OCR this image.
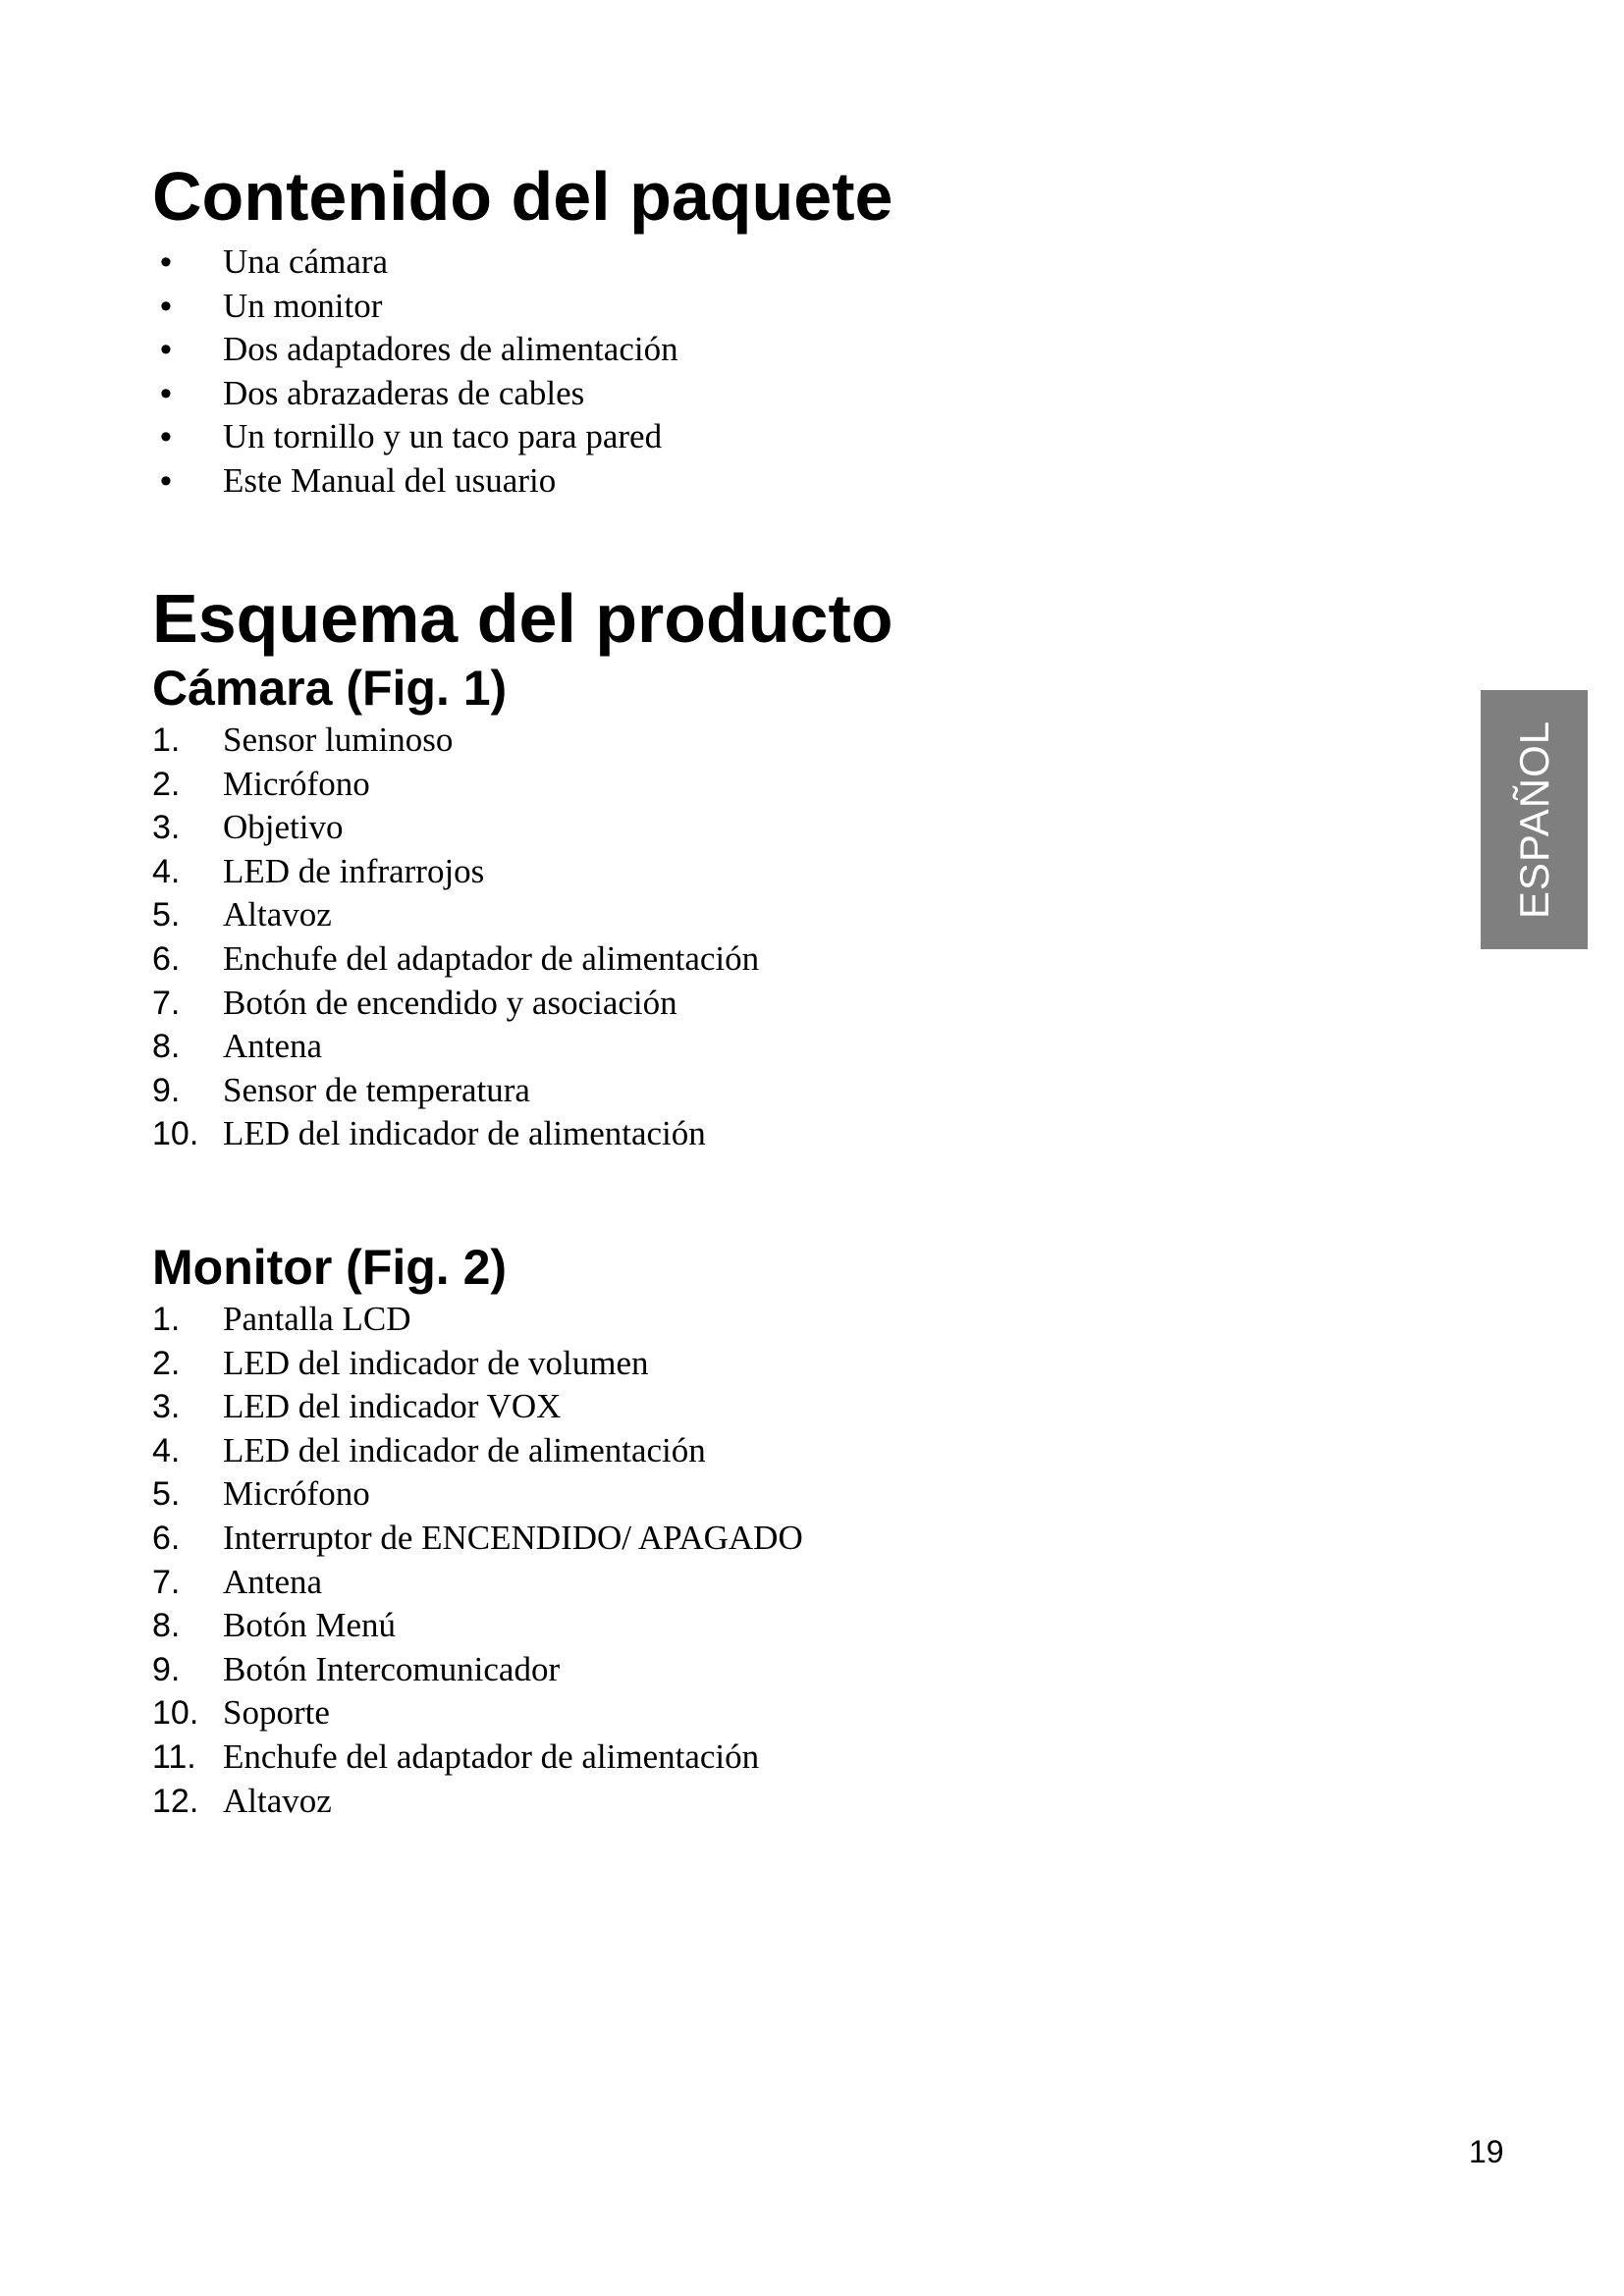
Contenido del paquete
• Una cámara
• Un monitor
• Dos adaptadores de alimentación
• Dos abrazaderas de cables
• Un tornillo y un taco para pared
• Este Manual del usuario
Esquema del producto
Cámara (Fig. 1)
1. Sensor luminoso
2. Micrófono
3. Objetivo
4. LED de infrarrojos
5. Altavoz
6. Enchufe del adaptador de alimentación
7. Botón de encendido y asociación
8. Antena
9. Sensor de temperatura
10. LED del indicador de alimentación
Monitor (Fig. 2)
1. Pantalla LCD
2. LED del indicador de volumen
3. LED del indicador VOX
4. LED del indicador de alimentación
5. Micrófono
6. Interruptor de ENCENDIDO/ APAGADO
7. Antena
8. Botón Menú
9. Botón Intercomunicador
10. Soporte
11. Enchufe del adaptador de alimentación
12. Altavoz
ESPAÑOL
19
